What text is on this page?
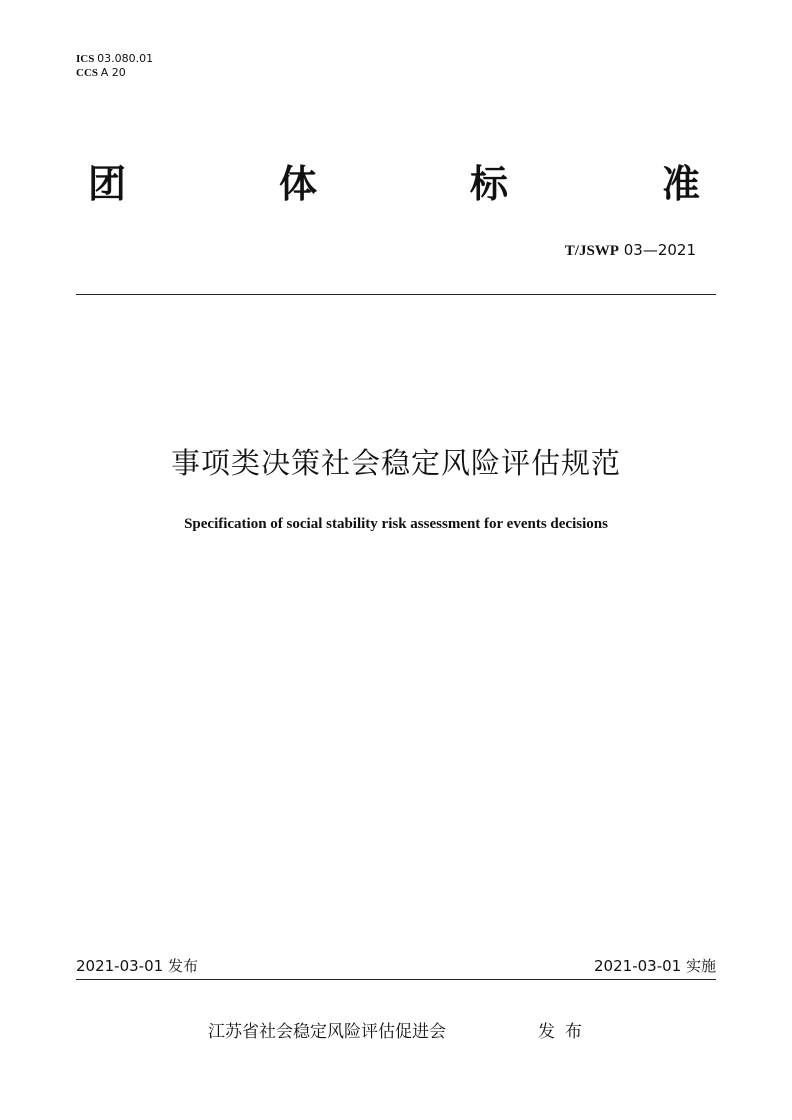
ICS 03.080.01
CCS A 20
团	体	标	准
T/JSWP 03—2021
事项类决策社会稳定风险评估规范
Specification of social stability risk assessment for events decisions
2021-03-01 发布	2021-03-01 实施
江苏省社会稳定风险评估促进会	发布
